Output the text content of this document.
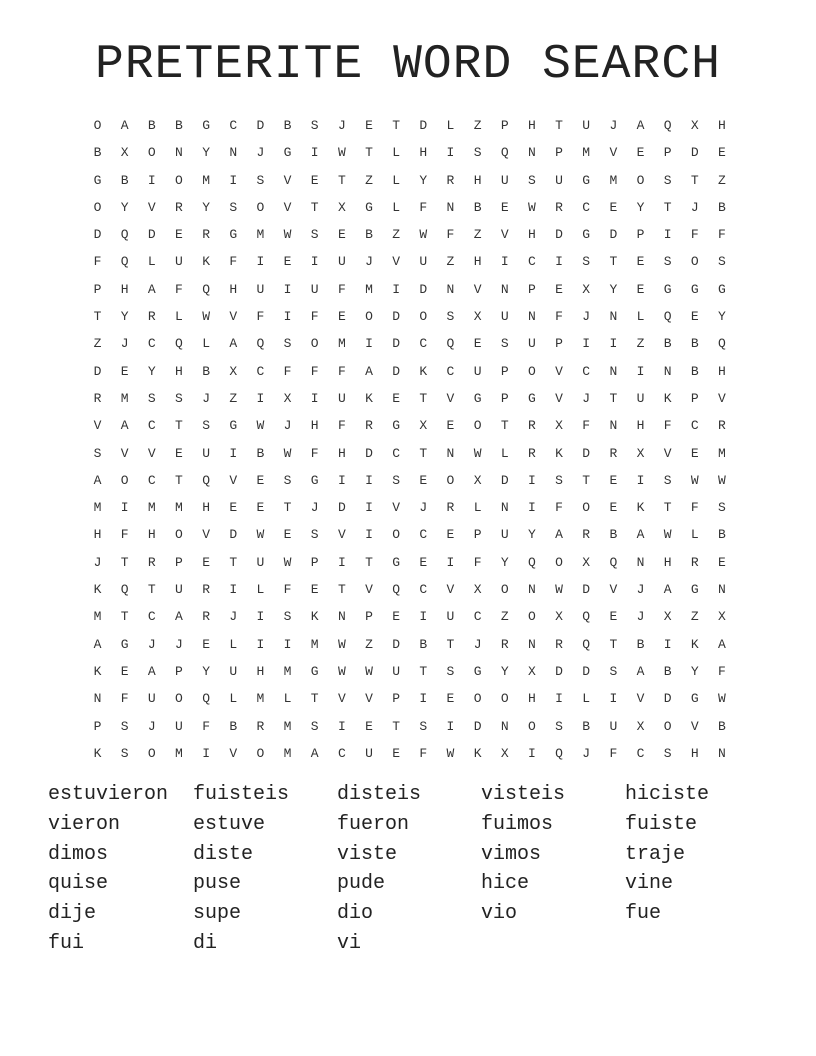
PRETERITE WORD SEARCH
O	A	B	B	G	C	D	B	S	J	E	T	D	L	Z	P	H	T	U	J	A	Q	X	H
B	X	O	N	Y	N	J	G	I	W	T	L	H	I	S	Q	N	P	M	V	E	P	D	E
G	B	I	O	M	I	S	V	E	T	Z	L	Y	R	H	U	S	U	G	M	O	S	T	Z
O	Y	V	R	Y	S	O	V	T	X	G	L	F	N	B	E	W	R	C	E	Y	T	J	B
D	Q	D	E	R	G	M	W	S	E	B	Z	W	F	Z	V	H	D	G	D	P	I	F	F
F	Q	L	U	K	F	I	E	I	U	J	V	U	Z	H	I	C	I	S	T	E	S	O	S
P	H	A	F	Q	H	U	I	U	F	M	I	D	N	V	N	P	E	X	Y	E	G	G	G
T	Y	R	L	W	V	F	I	F	E	O	D	O	S	X	U	N	F	J	N	L	Q	E	Y
Z	J	C	Q	L	A	Q	S	O	M	I	D	C	Q	E	S	U	P	I	I	Z	B	B	Q
D	E	Y	H	B	X	C	F	F	F	A	D	K	C	U	P	O	V	C	N	I	N	B	H
R	M	S	S	J	Z	I	X	I	U	K	E	T	V	G	P	G	V	J	T	U	K	P	V
V	A	C	T	S	G	W	J	H	F	R	G	X	E	O	T	R	X	F	N	H	F	C	R
S	V	V	E	U	I	B	W	F	H	D	C	T	N	W	L	R	K	D	R	X	V	E	M
A	O	C	T	Q	V	E	S	G	I	I	S	E	O	X	D	I	S	T	E	I	S	W	W
M	I	M	M	H	E	E	T	J	D	I	V	J	R	L	N	I	F	O	E	K	T	F	S
H	F	H	O	V	D	W	E	S	V	I	O	C	E	P	U	Y	A	R	B	A	W	L	B
J	T	R	P	E	T	U	W	P	I	T	G	E	I	F	Y	Q	O	X	Q	N	H	R	E
K	Q	T	U	R	I	L	F	E	T	V	Q	C	V	X	O	N	W	D	V	J	A	G	N
M	T	C	A	R	J	I	S	K	N	P	E	I	U	C	Z	O	X	Q	E	J	X	Z	X
A	G	J	J	E	L	I	I	M	W	Z	D	B	T	J	R	N	R	Q	T	B	I	K	A
K	E	A	P	Y	U	H	M	G	W	W	U	T	S	G	Y	X	D	D	S	A	B	Y	F
N	F	U	O	Q	L	M	L	T	V	V	P	I	E	O	O	H	I	L	I	V	D	G	W
P	S	J	U	F	B	R	M	S	I	E	T	S	I	D	N	O	S	B	U	X	O	V	B
K	S	O	M	I	V	O	M	A	C	U	E	F	W	K	X	I	Q	J	F	C	S	H	N
estuvieron fuisteis disteis	visteis	hiciste
vieron	estuve	fueron	fuimos	fuiste
dimos	diste	viste	vimos	traje
quise	puse	pude	hice	vine
dije	supe	dio	vio	fue
fui	di	vi
